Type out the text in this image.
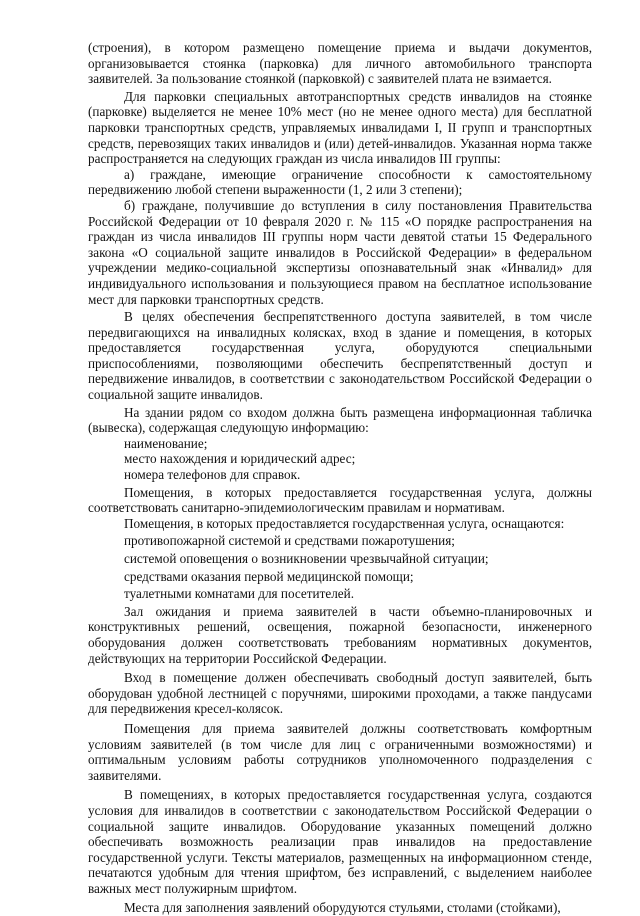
(строения), в котором размещено помещение приема и выдачи документов, организовывается стоянка (парковка) для личного автомобильного транспорта заявителей. За пользование стоянкой (парковкой) с заявителей плата не взимается.

Для парковки специальных автотранспортных средств инвалидов на стоянке (парковке) выделяется не менее 10% мест (но не менее одного места) для бесплатной парковки транспортных средств, управляемых инвалидами I, II групп и транспортных средств, перевозящих таких инвалидов и (или) детей-инвалидов. Указанная норма также распространяется на следующих граждан из числа инвалидов III группы:

а) граждане, имеющие ограничение способности к самостоятельному передвижению любой степени выраженности (1, 2 или 3 степени);

б) граждане, получившие до вступления в силу постановления Правительства Российской Федерации от 10 февраля 2020 г. № 115 «О порядке распространения на граждан из числа инвалидов III группы норм части девятой статьи 15 Федерального закона «О социальной защите инвалидов в Российской Федерации» в федеральном учреждении медико-социальной экспертизы опознавательный знак «Инвалид» для индивидуального использования и пользующиеся правом на бесплатное использование мест для парковки транспортных средств.

В целях обеспечения беспрепятственного доступа заявителей, в том числе передвигающихся на инвалидных колясках, вход в здание и помещения, в которых предоставляется государственная услуга, оборудуются специальными приспособлениями, позволяющими обеспечить беспрепятственный доступ и передвижение инвалидов, в соответствии с законодательством Российской Федерации о социальной защите инвалидов.

На здании рядом со входом должна быть размещена информационная табличка (вывеска), содержащая следующую информацию:

наименование;

место нахождения и юридический адрес;

номера телефонов для справок.

Помещения, в которых предоставляется государственная услуга, должны соответствовать санитарно-эпидемиологическим правилам и нормативам.

Помещения, в которых предоставляется государственная услуга, оснащаются:

противопожарной системой и средствами пожаротушения;

системой оповещения о возникновении чрезвычайной ситуации;

средствами оказания первой медицинской помощи;

туалетными комнатами для посетителей.

Зал ожидания и приема заявителей в части объемно-планировочных и конструктивных решений, освещения, пожарной безопасности, инженерного оборудования должен соответствовать требованиям нормативных документов, действующих на территории Российской Федерации.

Вход в помещение должен обеспечивать свободный доступ заявителей, быть оборудован удобной лестницей с поручнями, широкими проходами, а также пандусами для передвижения кресел-колясок.

Помещения для приема заявителей должны соответствовать комфортным условиям заявителей (в том числе для лиц с ограниченными возможностями) и оптимальным условиям работы сотрудников уполномоченного подразделения с заявителями.

В помещениях, в которых предоставляется государственная услуга, создаются условия для инвалидов в соответствии с законодательством Российской Федерации о социальной защите инвалидов. Оборудование указанных помещений должно обеспечивать возможность реализации прав инвалидов на предоставление государственной услуги. Тексты материалов, размещенных на информационном стенде, печатаются удобным для чтения шрифтом, без исправлений, с выделением наиболее важных мест полужирным шрифтом.

Места для заполнения заявлений оборудуются стульями, столами (стойками),
